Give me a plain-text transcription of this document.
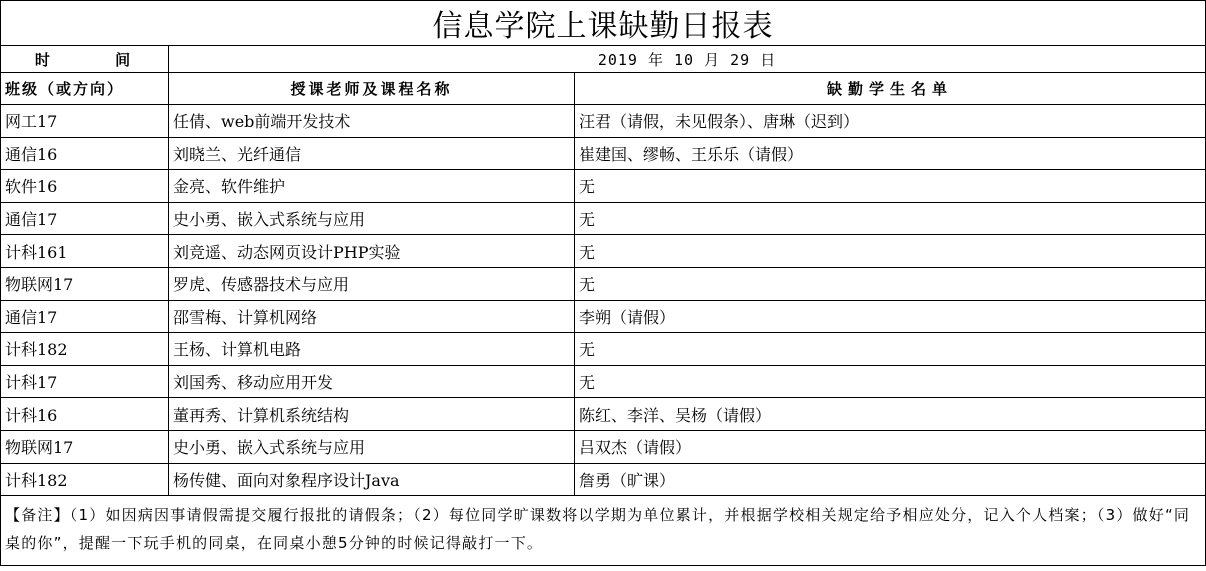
信息学院上课缺勤日报表		
时 间	2019 年 10 月 29 日	
班级（或方向）	授课老师及课程名称	缺勤学生名单
网工17	任倩、web前端开发技术	汪君（请假，未见假条）、唐琳（迟到）
通信16	刘晓兰、光纤通信	崔建国、缪畅、王乐乐（请假）
软件16	金亮、软件维护	无
通信17	史小勇、嵌入式系统与应用	无
计科161	刘竞遥、动态网页设计PHP实验	无
物联网17	罗虎、传感器技术与应用	无
通信17	邵雪梅、计算机网络	李朔（请假）
计科182	王杨、计算机电路	无
计科17	刘国秀、移动应用开发	无
计科16	董再秀、计算机系统结构	陈红、李洋、吴杨（请假）
物联网17	史小勇、嵌入式系统与应用	吕双杰（请假）
计科182	杨传健、面向对象程序设计Java	詹勇（旷课）
【备注】（1）如因病因事请假需提交履行报批的请假条；（2）每位同学旷课数将以学期为单位累计，并根据学校相关规定给予相应处分，记入个人档案；（3）做好“同桌的你”，提醒一下玩手机的同桌，在同桌小憩5分钟的时候记得敲打一下。		
